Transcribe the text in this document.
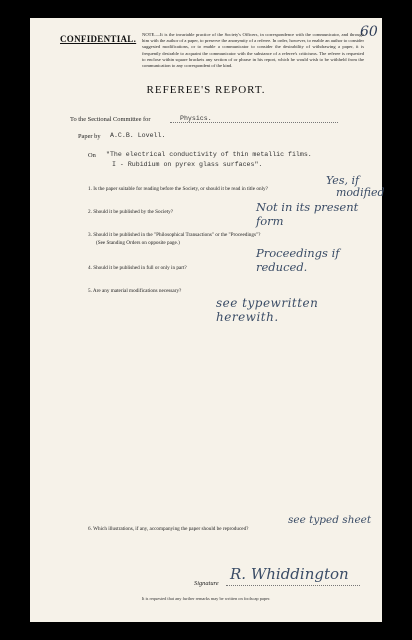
60
CONFIDENTIAL. NOTE.—It is the invariable practice of the Society's Officers, in correspondence with the communicator, and through him with the author of a paper, to preserve the anonymity of a referee. In order, however, to enable an author to consider suggested modifications, or to enable a communicator to consider the desirability of withdrawing a paper, it is frequently desirable to acquaint the communicator with the substance of a referee's criticisms. The referee is requested to enclose within square brackets any section of or phrase in his report, which he would wish to be withheld from the communication to any correspondent of the kind.

REFEREE'S REPORT.
To the Sectional Committee for	Physics.
Paper by A.C.B. Lovell.
On "The electrical conductivity of thin metallic films.
I - Rubidium on pyrex glass surfaces".
1. Is the paper suitable for reading before the Society, or should it be read in title only?
Yes, if
modified
2. Should it be published by the Society?	Not in its present form
3. Should it be published in the "Philosophical Transactions" or the "Proceedings"?
(See Standing Orders on opposite page.)
Proceedings if reduced.
4. Should it be published in full or only in part?
5. Are any material modifications necessary?
see typewritten herewith.
6. Which illustrations, if any, accompanying the paper should be reproduced?
see typed sheet
Signature
R. Whiddington
It is requested that any further remarks may be written on foolscap paper.
